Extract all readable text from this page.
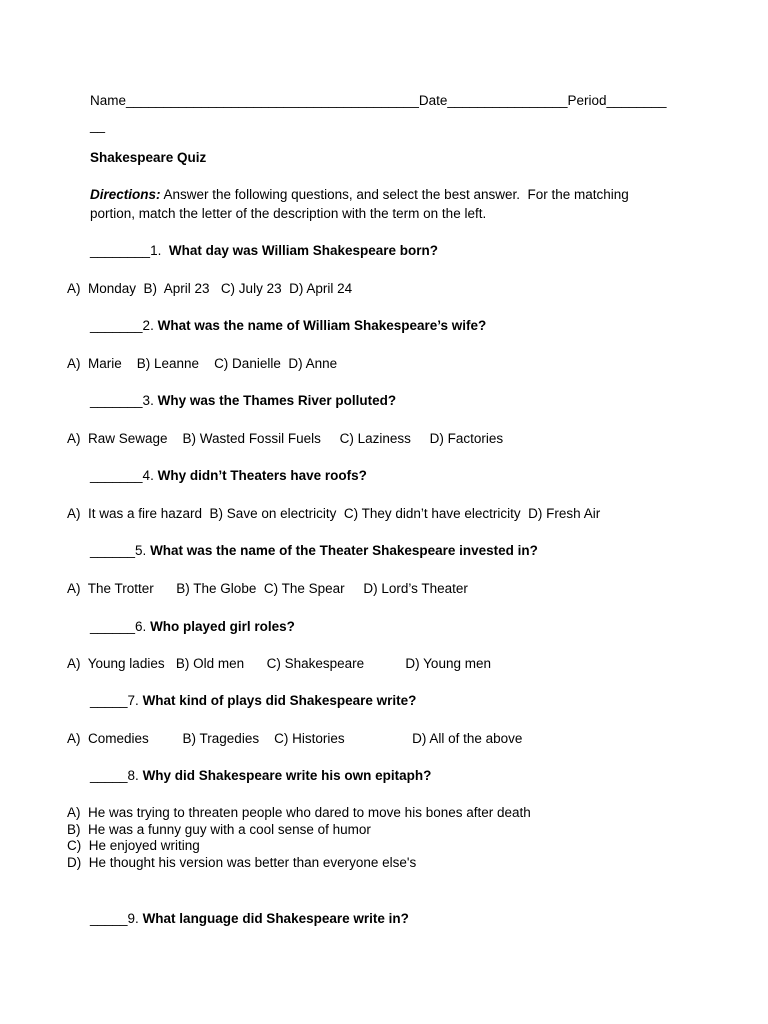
Name_______________________________________Date________________Period________
__
Shakespeare Quiz
Directions: Answer the following questions, and select the best answer.  For the matching
portion, match the letter of the description with the term on the left.
________1.  What day was William Shakespeare born?
A)  Monday  B)  April 23   C) July 23  D) April 24
_______2. What was the name of William Shakespeare’s wife?
A)  Marie    B) Leanne    C) Danielle  D) Anne
_______3. Why was the Thames River polluted?
A)  Raw Sewage    B) Wasted Fossil Fuels     C) Laziness     D) Factories
_______4. Why didn’t Theaters have roofs?
A)  It was a fire hazard  B) Save on electricity  C) They didn’t have electricity  D) Fresh Air
______5. What was the name of the Theater Shakespeare invested in?
A)  The Trotter      B) The Globe  C) The Spear     D) Lord’s Theater
______6. Who played girl roles?
A)  Young ladies   B) Old men      C) Shakespeare           D) Young men
_____7. What kind of plays did Shakespeare write?
A)  Comedies         B) Tragedies    C) Histories                  D) All of the above
_____8. Why did Shakespeare write his own epitaph?
A)  He was trying to threaten people who dared to move his bones after death
B)  He was a funny guy with a cool sense of humor
C)  He enjoyed writing
D)  He thought his version was better than everyone else's
_____9. What language did Shakespeare write in?
